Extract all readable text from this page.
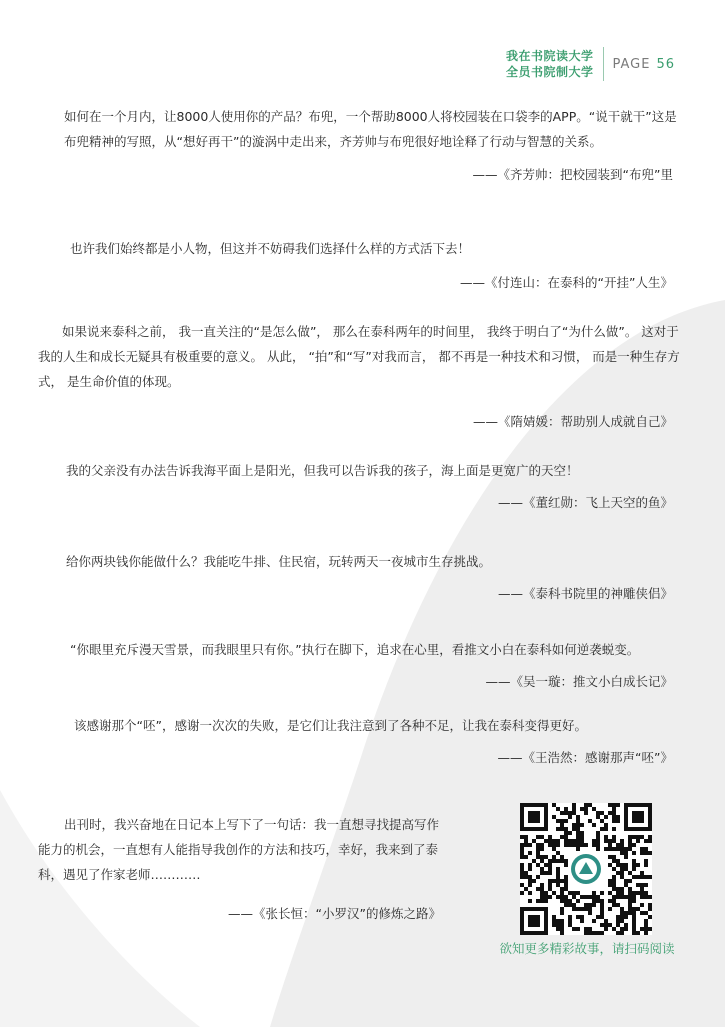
我在书院读大学
全员书院制大学
PAGE 56
如何在一个月内，让8000人使用你的产品？布兜，一个帮助8000人将校园装在口袋李的APP。“说干就干”这是布兜精神的写照，从“想好再干”的漩涡中走出来，齐芳帅与布兜很好地诠释了行动与智慧的关系。
——《齐芳帅：把校园装到“布兜”里
也许我们始终都是小人物，但这并不妨碍我们选择什么样的方式活下去！
——《付连山：在泰科的“开挂”人生》
如果说来泰科之前， 我一直关注的“是怎么做”， 那么在泰科两年的时间里， 我终于明白了“为什么做”。 这对于我的人生和成长无疑具有极重要的意义。 从此， “拍”和“写”对我而言， 都不再是一种技术和习惯， 而是一种生存方式， 是生命价值的体现。
——《隋婧媛：帮助别人成就自己》
我的父亲没有办法告诉我海平面上是阳光，但我可以告诉我的孩子，海上面是更宽广的天空！
——《董红勋：飞上天空的鱼》
给你两块钱你能做什么？我能吃牛排、住民宿，玩转两天一夜城市生存挑战。
——《泰科书院里的神雕侠侣》
“你眼里充斥漫天雪景，而我眼里只有你。”执行在脚下，追求在心里，看推文小白在泰科如何逆袭蜕变。
——《吴一璇：推文小白成长记》
该感谢那个“呸”，感谢一次次的失败，是它们让我注意到了各种不足，让我在泰科变得更好。
——《王浩然：感谢那声“呸”》
出刊时，我兴奋地在日记本上写下了一句话：我一直想寻找提高写作能力的机会，一直想有人能指导我创作的方法和技巧，幸好，我来到了泰科，遇见了作家老师…………
——《张长恒：“小罗汉”的修炼之路》
欲知更多精彩故事，请扫码阅读
